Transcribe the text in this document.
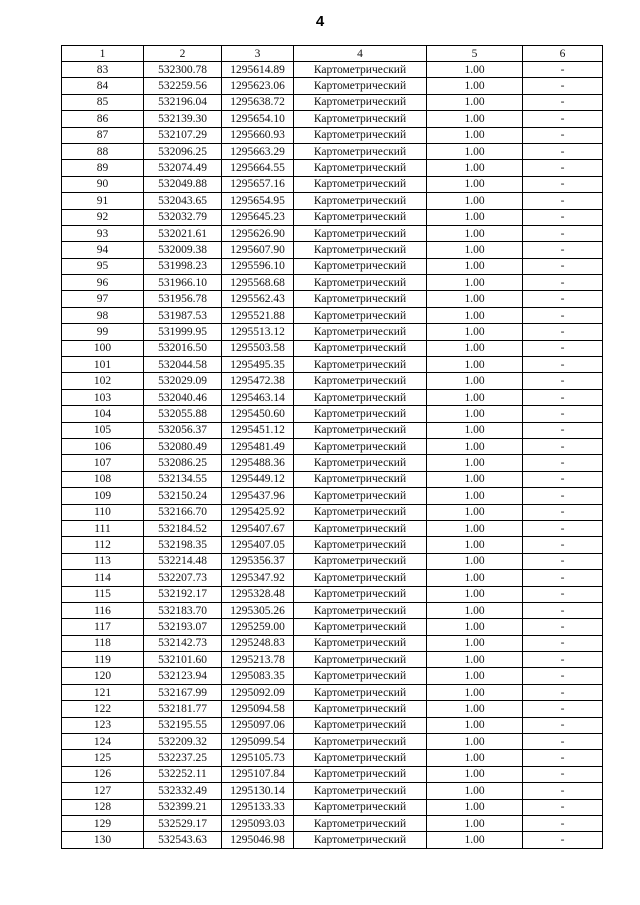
4
1	2	3	4	5	6
83	532300.78	1295614.89	Картометрический	1.00	-
84	532259.56	1295623.06	Картометрический	1.00	-
85	532196.04	1295638.72	Картометрический	1.00	-
86	532139.30	1295654.10	Картометрический	1.00	-
87	532107.29	1295660.93	Картометрический	1.00	-
88	532096.25	1295663.29	Картометрический	1.00	-
89	532074.49	1295664.55	Картометрический	1.00	-
90	532049.88	1295657.16	Картометрический	1.00	-
91	532043.65	1295654.95	Картометрический	1.00	-
92	532032.79	1295645.23	Картометрический	1.00	-
93	532021.61	1295626.90	Картометрический	1.00	-
94	532009.38	1295607.90	Картометрический	1.00	-
95	531998.23	1295596.10	Картометрический	1.00	-
96	531966.10	1295568.68	Картометрический	1.00	-
97	531956.78	1295562.43	Картометрический	1.00	-
98	531987.53	1295521.88	Картометрический	1.00	-
99	531999.95	1295513.12	Картометрический	1.00	-
100	532016.50	1295503.58	Картометрический	1.00	-
101	532044.58	1295495.35	Картометрический	1.00	-
102	532029.09	1295472.38	Картометрический	1.00	-
103	532040.46	1295463.14	Картометрический	1.00	-
104	532055.88	1295450.60	Картометрический	1.00	-
105	532056.37	1295451.12	Картометрический	1.00	-
106	532080.49	1295481.49	Картометрический	1.00	-
107	532086.25	1295488.36	Картометрический	1.00	-
108	532134.55	1295449.12	Картометрический	1.00	-
109	532150.24	1295437.96	Картометрический	1.00	-
110	532166.70	1295425.92	Картометрический	1.00	-
111	532184.52	1295407.67	Картометрический	1.00	-
112	532198.35	1295407.05	Картометрический	1.00	-
113	532214.48	1295356.37	Картометрический	1.00	-
114	532207.73	1295347.92	Картометрический	1.00	-
115	532192.17	1295328.48	Картометрический	1.00	-
116	532183.70	1295305.26	Картометрический	1.00	-
117	532193.07	1295259.00	Картометрический	1.00	-
118	532142.73	1295248.83	Картометрический	1.00	-
119	532101.60	1295213.78	Картометрический	1.00	-
120	532123.94	1295083.35	Картометрический	1.00	-
121	532167.99	1295092.09	Картометрический	1.00	-
122	532181.77	1295094.58	Картометрический	1.00	-
123	532195.55	1295097.06	Картометрический	1.00	-
124	532209.32	1295099.54	Картометрический	1.00	-
125	532237.25	1295105.73	Картометрический	1.00	-
126	532252.11	1295107.84	Картометрический	1.00	-
127	532332.49	1295130.14	Картометрический	1.00	-
128	532399.21	1295133.33	Картометрический	1.00	-
129	532529.17	1295093.03	Картометрический	1.00	-
130	532543.63	1295046.98	Картометрический	1.00	-
